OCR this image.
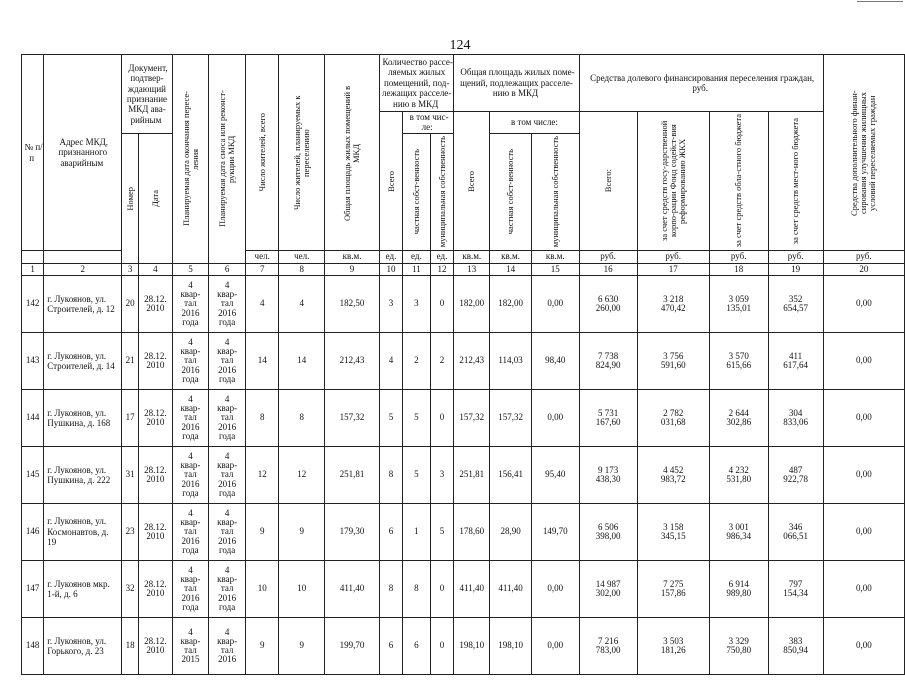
124
№ п/п	Адрес МКД, признанного аварийным	Документ, подтвер-ждающий признание МКД ава-рийным		Планируемая дата окончания пересе-ления	Планируемая дата сноса или реконст-рукции МКД	Число жителей, всего	Число жителей, планируемых к переселению	Общая площадь жилых помещений в МКД	Количество рассе-ляемых жилых помещений, под-лежащих расселе-нию в МКД			Общая площадь жилых поме-щений, подлежащих расселе-нию в МКД			Средства долевого финансирования переселения граждан, руб.				Средства дополнительного финан-сирования улучшения жилищных условий переселяемых граждан

									Всего	в том чис-ле:		Всего	в том числе:		Всего:	за счет средств госу-дарственной корпо-рации Фонд содейст-вия реформированию ЖКХ	за счет средств обла-стного бюджета	за счет средств мест-ного бюджета	

		Номер	Дата							частная собст-венность	муниципальная собственность		частная собст-венность	муниципальная собственность					

						чел.	чел.	кв.м.	ед.	ед.	ед.	кв.м.	кв.м.	кв.м.	руб.	руб.	руб.	руб.	руб.
1	2	3	4	5	6	7	8	9	10	11	12	13	14	15	16	17	18	19	20
142	г. Лукоянов, ул. Строителей, д. 12	20	28.12.
2010	4
квар-
тал
2016
года	4
квар-
тал
2016
года	4	4	182,50	3	3	0	182,00	182,00	0,00	6 630
260,00	3 218
470,42	3 059
135,01	352
654,57	0,00
143	г. Лукоянов, ул. Строителей, д. 14	21	28.12.
2010	4
квар-
тал
2016
года	4
квар-
тал
2016
года	14	14	212,43	4	2	2	212,43	114,03	98,40	7 738
824,90	3 756
591,60	3 570
615,66	411
617,64	0,00
144	г. Лукоянов, ул. Пушкина, д. 168	17	28.12.
2010	4
квар-
тал
2016
года	4
квар-
тал
2016
года	8	8	157,32	5	5	0	157,32	157,32	0,00	5 731
167,60	2 782
031,68	2 644
302,86	304
833,06	0,00
145	г. Лукоянов, ул. Пушкина, д. 222	31	28.12.
2010	4
квар-
тал
2016
года	4
квар-
тал
2016
года	12	12	251,81	8	5	3	251,81	156,41	95,40	9 173
438,30	4 452
983,72	4 232
531,80	487
922,78	0,00
146	г. Лукоянов, ул. Космонавтов, д. 19	23	28.12.
2010	4
квар-
тал
2016
года	4
квар-
тал
2016
года	9	9	179,30	6	1	5	178,60	28,90	149,70	6 506
398,00	3 158
345,15	3 001
986,34	346
066,51	0,00
147	г. Лукоянов мкр. 1-й, д. 6	32	28.12.
2010	4
квар-
тал
2016
года	4
квар-
тал
2016
года	10	10	411,40	8	8	0	411,40	411,40	0,00	14 987
302,00	7 275
157,86	6 914
989,80	797
154,34	0,00
148	г. Лукоянов, ул. Горького, д. 23	18	28.12.
2010	4
квар-
тал
2015	4
квар-
тал
2016	9	9	199,70	6	6	0	198,10	198,10	0,00	7 216
783,00	3 503
181,26	3 329
750,80	383
850,94	0,00
